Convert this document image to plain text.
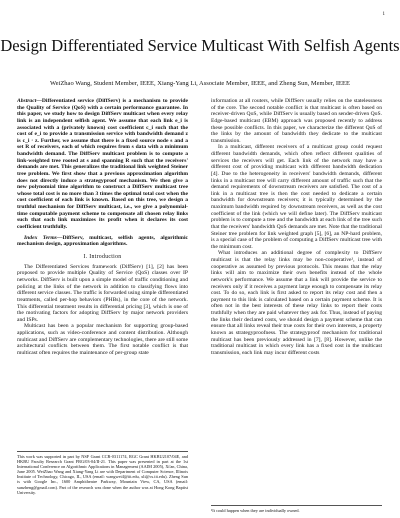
1
Design Differentiated Service Multicast With Selfish Agents
WeiZhao Wang, Student Member, IEEE, Xiang-Yang Li, Associate Member, IEEE, and Zheng Sun, Member, IEEE

Abstract—Differentiated service (DiffServ) is a mechanism to provide the Quality of Service (QoS) with a certain performance guarantee. In this paper, we study how to design DiffServ multicast when every relay link is an independent selfish agent. We assume that each link e_i is associated with a (privately known) cost coefficient c_i such that the cost of e_i to provide a transmission service with bandwidth demand z is c_i · z. Further, we assume that there is a fixed source node s and a set R of receivers, each of which requires from s data with a minimum bandwidth demand. The DiffServ multicast problem is to compute a link-weighted tree rooted at s and spanning R such that the receivers' demands are met. This generalizes the traditional link weighted Steiner tree problem. We first show that a previous approximation algorithm does not directly induce a strategyproof mechanism. We then give a new polynomial time algorithm to construct a DiffServ multicast tree whose total cost is no more than 3 times the optimal total cost when the cost coefficient of each link is known. Based on this tree, we design a truthful mechanism for DiffServ multicast, i.e., we give a polynomial-time computable payment scheme to compensate all chosen relay links such that each link maximizes its profit when it declares its cost coefficient truthfully.

Index Terms—DiffServ, multicast, selfish agents, algorithmic mechanism design, approximation algorithms.

I. Introduction

The Differentiated Services framework (DiffServ) [1], [2] has been proposed to provide multiple Quality of Service (QoS) classes over IP networks. DiffServ is built upon a simple model of traffic conditioning and policing at the links of the network in addition to classifying flows into different service classes. The traffic is forwarded using simple differentiated treatments, called per-hop behaviors (PHBs), in the core of the network. This differential treatment results in differential pricing [3], which is one of the motivating factors for adopting DiffServ by major network providers and ISPs.

Multicast has been a popular mechanism for supporting group-based applications, such as video-conference and content distribution. Although multicast and DiffServ are complementary technologies, there are still some architectural conflicts between them. The first notable conflict is that multicast often requires the maintenance of per-group state

This work was supported in part by NSF Grant CCR-0311174, RGC Grant HKBU2107/04E, and HKBU Faculty Research Grant FRG/03-04/II-21. This paper was presented in part at the 1st International Conference on Algorithmic Applications in Management (AAIM 2005), Xi'an, China, June 2005. WeiZhao Wang and Xiang-Yang Li are with Department of Computer Science, Illinois Institute of Technology, Chicago, IL, USA (email: wangwei4@iit.edu, xli@cs.iit.edu). Zheng Sun is with Google Inc., 1600 Amphitheatre Parkway, Mountain View, CA, USA (email: sunzheng@gmail.com). Part of the research was done when the author was at Hong Kong Baptist University.

information at all routers, while DiffServ usually relies on the statelessness of the core. The second notable conflict is that multicast is often based on receiver-driven QoS, while DiffServ is usually based on sender-driven QoS. Edge-based multicast (EBM) approach was proposed recently to address these possible conflicts. In this paper, we characterize the different QoS of the links by the amount of bandwidth they dedicate to the multicast transmission.

In a multicast, different receivers of a multicast group could request different bandwidth demands, which often reflect different qualities of services the receivers will get. Each link of the network may have a different cost of providing multicast with different bandwidth dedication [4]. Due to the heterogeneity in receivers' bandwidth demands, different links in a multicast tree will carry different amount of traffic such that the demand requirements of downstream receivers are satisfied. The cost of a link in a multicast tree is then the cost needed to dedicate a certain bandwidth for downstream receivers; it is typically determined by the maximum bandwidth required by downstream receivers, as well as the cost coefficient of the link (which we will define later). The DiffServ multicast problem is to compute a tree and the bandwidth at each link of the tree such that the receivers' bandwidth QoS demands are met. Note that the traditional Steiner tree problem for link weighted graph [5], [6], an NP-hard problem, is a special case of the problem of computing a DiffServ multicast tree with the minimum cost.

What introduces an additional degree of complexity to DiffServ multicast is that the relay links may be non-cooperative¹, instead of cooperative as assumed by previous protocols. This means that the relay links will aim to maximize their own benefits instead of the whole network's performance. We assume that a link will provide the service to receivers only if it receives a payment large enough to compensate its relay cost. To do so, each link is first asked to report its relay cost and then a payment to this link is calculated based on a certain payment scheme. It is often not in the best interests of these relay links to report their costs truthfully when they are paid whatever they ask for. Thus, instead of paying the links their declared costs, we should design a payment scheme that can ensure that all links reveal their true costs for their own interests, a property known as strategyproofness. The strategyproof mechanism for traditional multicast has been previously addressed in [7], [8]. However, unlike the traditional multicast in which every link has a fixed cost in the multicast transmission, each link may incur different costs

¹It could happen when they are individually owned.
